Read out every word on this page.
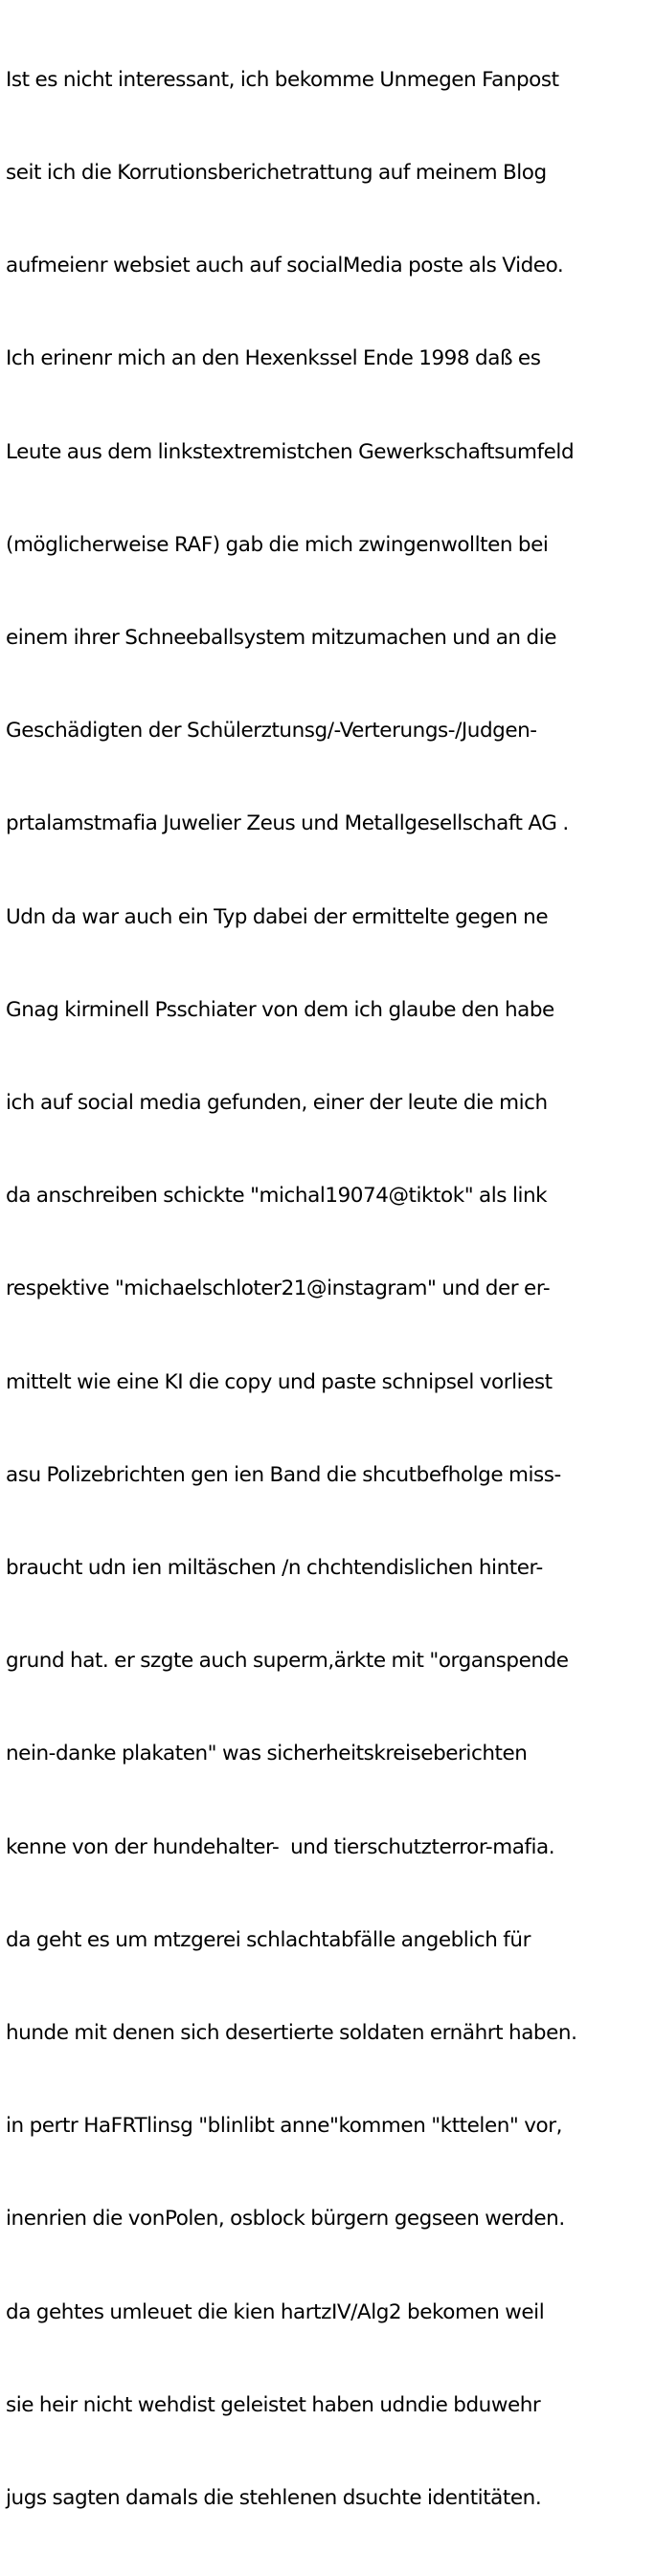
Ist es nicht interessant, ich bekomme Unmegen Fanpost

seit ich die Korrutionsberichetrattung auf meinem Blog

aufmeienr websiet auch auf socialMedia poste als Video.

Ich erinenr mich an den Hexenkssel Ende 1998 daß es

Leute aus dem linkstextremistchen Gewerkschaftsumfeld

(möglicherweise RAF) gab die mich zwingenwollten bei

einem ihrer Schneeballsystem mitzumachen und an die

Geschädigten der Schülerztunsg/-Verterungs-/Judgen-

prtalamstmafia Juwelier Zeus und Metallgesellschaft AG .

Udn da war auch ein Typ dabei der ermittelte gegen ne

Gnag kirminell Psschiater von dem ich glaube den habe

ich auf social media gefunden, einer der leute die mich

da anschreiben schickte "michal19074@tiktok" als link

respektive "michaelschloter21@instagram" und der er-

mittelt wie eine KI die copy und paste schnipsel vorliest

asu Polizebrichten gen ien Band die shcutbefholge miss-

braucht udn ien miltäschen /n chchtendislichen hinter-

grund hat. er szgte auch superm,ärkte mit "organspende

nein-danke plakaten" was sicherheitskreiseberichten

kenne von der hundehalter-  und tierschutzterror-mafia.

da geht es um mtzgerei schlachtabfälle angeblich für

hunde mit denen sich desertierte soldaten ernährt haben.

in pertr HaFRTlinsg "blinlibt anne"kommen "kttelen" vor,

inenrien die vonPolen, osblock bürgern gegseen werden.

da gehtes umleuet die kien hartzIV/Alg2 bekomen weil

sie heir nicht wehdist geleistet haben udndie bduwehr

jugs sagten damals die stehlenen dsuchte identitäten.
